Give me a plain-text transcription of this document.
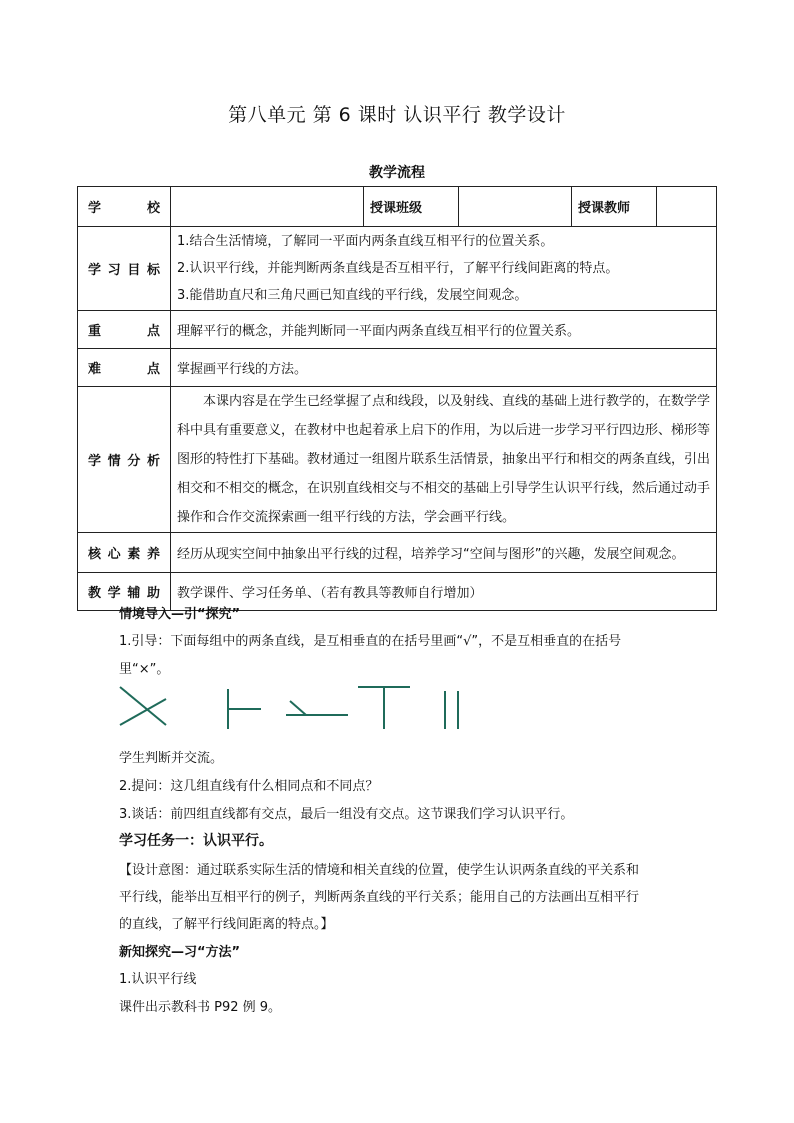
第八单元 第 6 课时 认识平行 教学设计
教学流程
学 校		授课班级		授课教师	
学习目标	1.结合生活情境，了解同一平面内两条直线互相平行的位置关系。
2.认识平行线，并能判断两条直线是否互相平行，了解平行线间距离的特点。
3.能借助直尺和三角尺画已知直线的平行线，发展空间观念。				

重 点	理解平行的概念，并能判断同一平面内两条直线互相平行的位置关系。				
难 点	掌握画平行线的方法。				
学情分析	本课内容是在学生已经掌握了点和线段，以及射线、直线的基础上进行教学的，在数学学科中具有重要意义，在教材中也起着承上启下的作用，为以后进一步学习平行四边形、梯形等图形的特性打下基础。教材通过一组图片联系生活情景，抽象出平行和相交的两条直线，引出相交和不相交的概念，在识别直线相交与不相交的基础上引导学生认识平行线，然后通过动手操作和合作交流探索画一组平行线的方法，学会画平行线。				
核心素养	经历从现实空间中抽象出平行线的过程，培养学习“空间与图形”的兴趣，发展空间观念。				
教学辅助	教学课件、学习任务单、（若有教具等教师自行增加）				
情境导入—引“探究”
1.引导：下面每组中的两条直线，是互相垂直的在括号里画“√”，不是互相垂直的在括号
里“×”。
学生判断并交流。
2.提问：这几组直线有什么相同点和不同点？
3.谈话：前四组直线都有交点，最后一组没有交点。这节课我们学习认识平行。
学习任务一：认识平行。
【设计意图：通过联系实际生活的情境和相关直线的位置，使学生认识两条直线的平关系和
平行线，能举出互相平行的例子，判断两条直线的平行关系；能用自己的方法画出互相平行
的直线，了解平行线间距离的特点。】
新知探究—习“方法”
1.认识平行线
课件出示教科书 P92 例 9。
